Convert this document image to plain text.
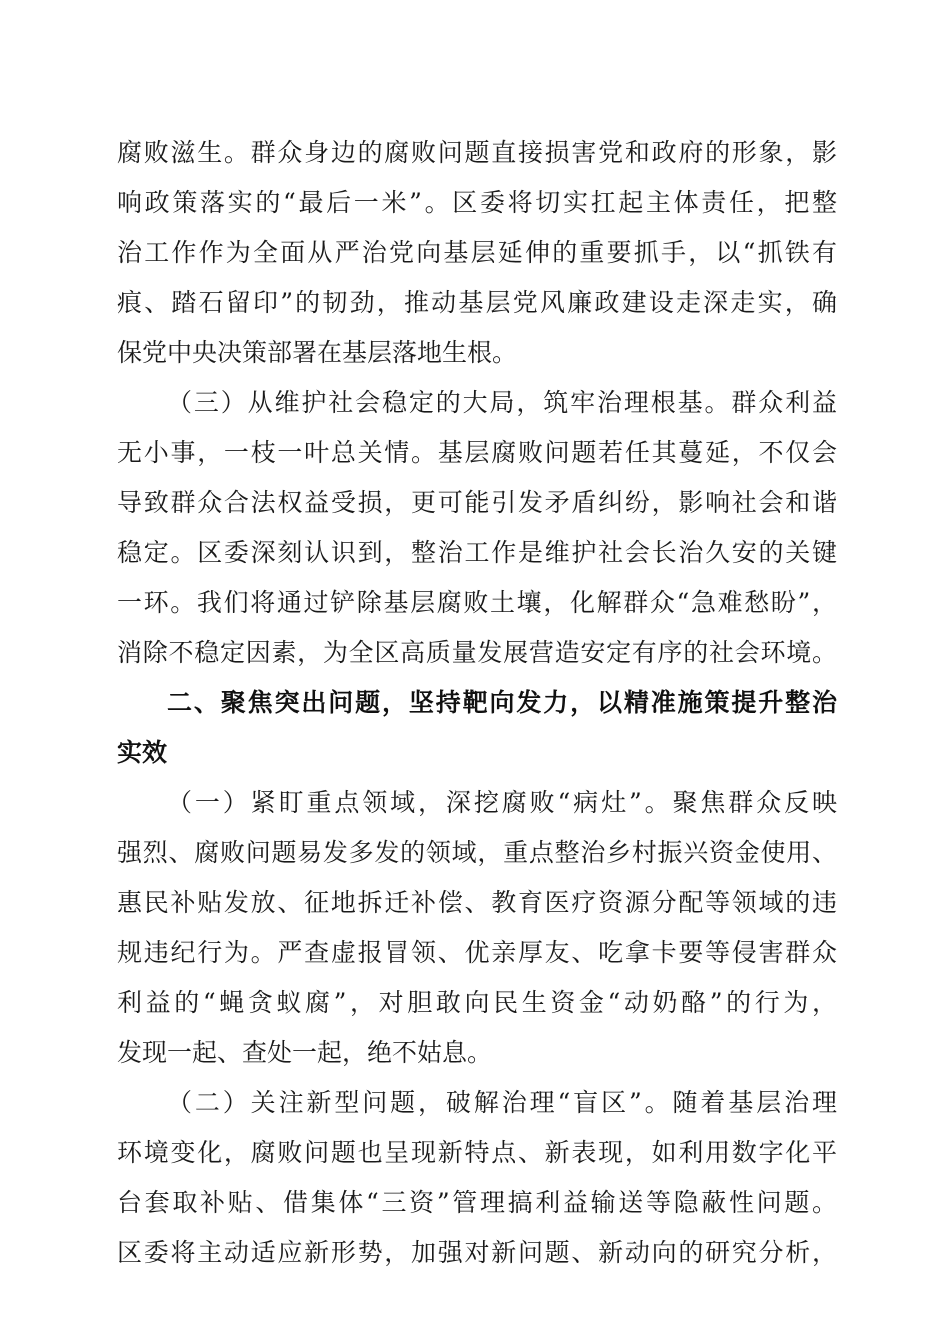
腐败滋生。群众身边的腐败问题直接损害党和政府的形象，影
响政策落实的“最后一米”。区委将切实扛起主体责任，把整
治工作作为全面从严治党向基层延伸的重要抓手，以“抓铁有
痕、踏石留印”的韧劲，推动基层党风廉政建设走深走实，确
保党中央决策部署在基层落地生根。
（三）从维护社会稳定的大局，筑牢治理根基。群众利益
无小事，一枝一叶总关情。基层腐败问题若任其蔓延，不仅会
导致群众合法权益受损，更可能引发矛盾纠纷，影响社会和谐
稳定。区委深刻认识到，整治工作是维护社会长治久安的关键
一环。我们将通过铲除基层腐败土壤，化解群众“急难愁盼”，
消除不稳定因素，为全区高质量发展营造安定有序的社会环境。
二、聚焦突出问题，坚持靶向发力，以精准施策提升整治
实效
（一）紧盯重点领域，深挖腐败“病灶”。聚焦群众反映
强烈、腐败问题易发多发的领域，重点整治乡村振兴资金使用、
惠民补贴发放、征地拆迁补偿、教育医疗资源分配等领域的违
规违纪行为。严查虚报冒领、优亲厚友、吃拿卡要等侵害群众
利益的“蝇贪蚁腐”，对胆敢向民生资金“动奶酪”的行为，
发现一起、查处一起，绝不姑息。
（二）关注新型问题，破解治理“盲区”。随着基层治理
环境变化，腐败问题也呈现新特点、新表现，如利用数字化平
台套取补贴、借集体“三资”管理搞利益输送等隐蔽性问题。
区委将主动适应新形势，加强对新问题、新动向的研究分析，
